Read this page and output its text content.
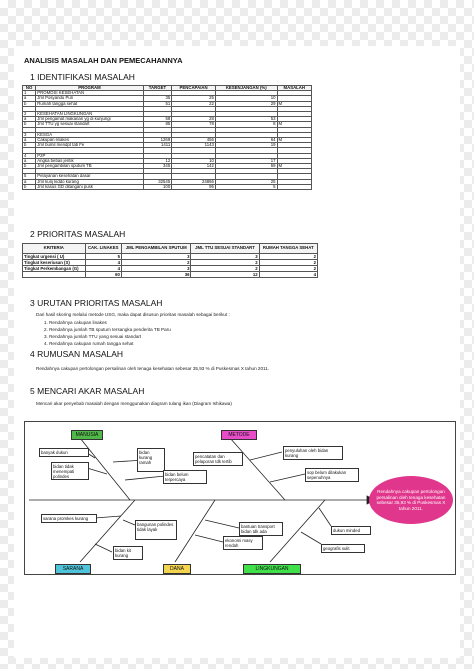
ANALISIS MASALAH DAN PEMECAHANNYA
1 IDENTIFIKASI MASALAH
NO	PROGRAM	TARGET	PENCAPAIAN	KESENJANGAN (%)	MASALAH
1	PROMOSI KESEHATAN				
a	Jml Posyandu Puri	35	25	10	
b	Rumah tangga sehat	51	22	29	M

2	KESEHATAN LINGKUNGAN				
a	Jml pengamat makanan yg di kunjungi	58	28	53	
b	Jml TTU yg sesuai standart	85	78	8	M

3	KESGA				
a	Cakupan linakes	1269	456	64	M
b	Jml bumil mendpt tab Fe	1411	1143	19	

4	P2P				
a	Angka bebas jentik	12	10	17	
b	Jml pengambilan sputum TB	345	142	59	M

5	Pelayanan kesehatan dasar				
a	Jml kunj kiddo kurang	32545	24866	25	
b	Jml kasus GD ditangani pusk	100	95	5	
2 PRIORITAS MASALAH
KRITERIA	CAK. LINAKES	JML PENGAMBILAN SPUTUM	JML TTU SESUAI STANDART	RUMAH TANGGA SEHAT
Tingkat urgensi ( U)	5	3	3	2
Tingkat keseriusan (S)	4	2	2	2
Tingkat Perkembangan (G)	4	3	2	2
	60	36	12	4
3 URUTAN PRIORITAS MASALAH
Dari hasil skoring melalui metode USG, maka dapat disusun prioritas masalah sebagai berikut :
1. Rendahnya cakupan linakes
2. Rendahnya jumlah TB sputum tersangka penderita TB Paru
3. Rendahnya jumlah TTU yang sesuai standart
4. Rendahnya cakupan rumah tangga sehat
4 RUMUSAN MASALAH
Rendahnya cakupan pertolongan persalinan oleh tenaga kesehatan sebesar 35,93 % di Puskesmas X tahun 2011.
5 MENCARI AKAR MASALAH
Mencari akar penyebab masalah dengan menggunakan diagram tulang ikan (Diagram Ishikawa)
MANUSIA	METODE
SARANA	DANA	LINGKUNGAN
banyak dukun
bidan tidak menempati polindes
bidan kurang ramah
bidan belum terpercaya
pencatatan dan pelaporan tdk tertib
penyuluhan oleh bidan kurang
sop belum dilakukan sepenuhnya
sarana promkes kurang
bangunan polindes tidak layak
bidan kit kurang
bantuan transport bidan tdk ada
ekonomi masy rendah
dukun minded
geografis sulit
Rendahnya cakupan pertolongan persalinan oleh tenaga kesehatan sebesar 35,93 % di Puskesmas X tahun 2011.
